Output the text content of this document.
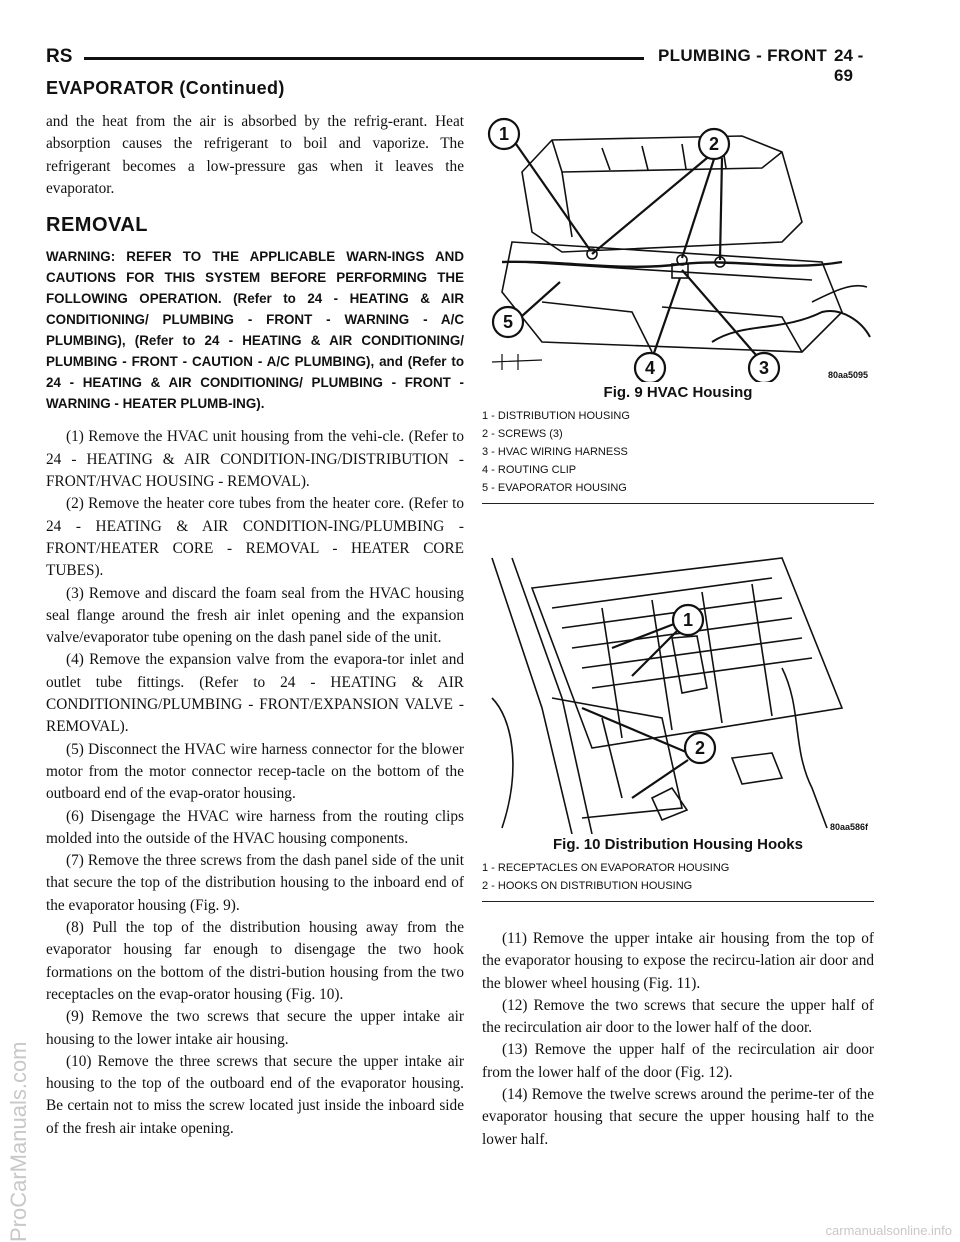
RS	PLUMBING - FRONT 24 - 69
EVAPORATOR (Continued)

and the heat from the air is absorbed by the refrig-erant. Heat absorption causes the refrigerant to boil and vaporize. The refrigerant becomes a low-pressure gas when it leaves the evaporator.

REMOVAL

WARNING: REFER TO THE APPLICABLE WARN-INGS AND CAUTIONS FOR THIS SYSTEM BEFORE PERFORMING THE FOLLOWING OPERATION. (Refer to 24 - HEATING & AIR CONDITIONING/ PLUMBING - FRONT - WARNING - A/C PLUMBING), (Refer to 24 - HEATING & AIR CONDITIONING/ PLUMBING - FRONT - CAUTION - A/C PLUMBING), and (Refer to 24 - HEATING & AIR CONDITIONING/ PLUMBING - FRONT - WARNING - HEATER PLUMB-ING).

(1) Remove the HVAC unit housing from the vehi-cle. (Refer to 24 - HEATING & AIR CONDITION-ING/DISTRIBUTION - FRONT/HVAC HOUSING - REMOVAL).

(2) Remove the heater core tubes from the heater core. (Refer to 24 - HEATING & AIR CONDITION-ING/PLUMBING - FRONT/HEATER CORE - REMOVAL - HEATER CORE TUBES).

(3) Remove and discard the foam seal from the HVAC housing seal flange around the fresh air inlet opening and the expansion valve/evaporator tube opening on the dash panel side of the unit.

(4) Remove the expansion valve from the evapora-tor inlet and outlet tube fittings. (Refer to 24 - HEATING & AIR CONDITIONING/PLUMBING - FRONT/EXPANSION VALVE - REMOVAL).

(5) Disconnect the HVAC wire harness connector for the blower motor from the motor connector recep-tacle on the bottom of the outboard end of the evap-orator housing.

(6) Disengage the HVAC wire harness from the routing clips molded into the outside of the HVAC housing components.

(7) Remove the three screws from the dash panel side of the unit that secure the top of the distribution housing to the inboard end of the evaporator housing (Fig. 9).

(8) Pull the top of the distribution housing away from the evaporator housing far enough to disengage the two hook formations on the bottom of the distri-bution housing from the two receptacles on the evap-orator housing (Fig. 10).

(9) Remove the two screws that secure the upper intake air housing to the lower intake air housing.

(10) Remove the three screws that secure the upper intake air housing to the top of the outboard end of the evaporator housing. Be certain not to miss the screw located just inside the inboard side of the fresh air intake opening.

1	2
3
4
5
80aa5095
Fig. 9 HVAC Housing
1 - DISTRIBUTION HOUSING
2 - SCREWS (3)
3 - HVAC WIRING HARNESS
4 - ROUTING CLIP
5 - EVAPORATOR HOUSING
1
2
80aa586f
Fig. 10 Distribution Housing Hooks
1 - RECEPTACLES ON EVAPORATOR HOUSING
2 - HOOKS ON DISTRIBUTION HOUSING

(11) Remove the upper intake air housing from the top of the evaporator housing to expose the recircu-lation air door and the blower wheel housing (Fig. 11).

(12) Remove the two screws that secure the upper half of the recirculation air door to the lower half of the door.

(13) Remove the upper half of the recirculation air door from the lower half of the door (Fig. 12).

(14) Remove the twelve screws around the perime-ter of the evaporator housing that secure the upper housing half to the lower half.

ProCarManuals.com	carmanualsonline.info
